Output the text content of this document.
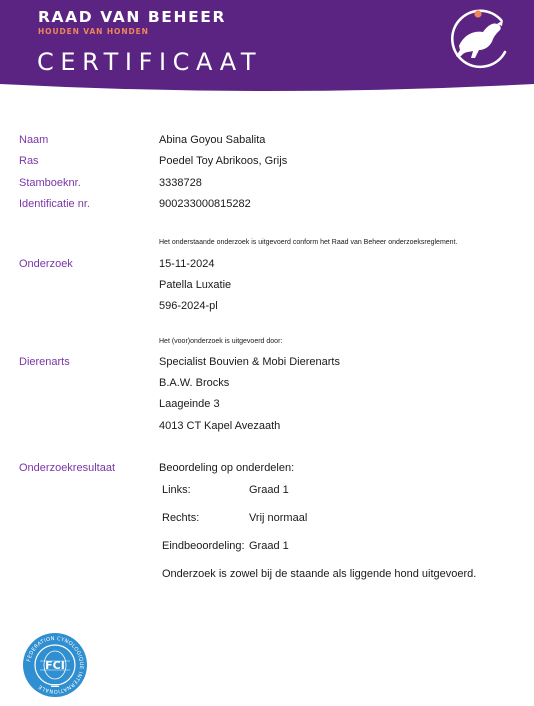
RAAD VAN BEHEER
HOUDEN VAN HONDEN
CERTIFICAAT
Naam	Abina Goyou Sabalita
Ras	Poedel Toy Abrikoos, Grijs
Stamboeknr.	3338728
Identificatie nr.	900233000815282
Het onderstaande onderzoek is uitgevoerd conform het Raad van Beheer onderzoeksreglement.
Onderzoek	15-11-2024
Patella Luxatie
596-2024-pl
Het (voor)onderzoek is uitgevoerd door:
Dierenarts	Specialist Bouvien & Mobi Dierenarts
B.A.W. Brocks
Laageinde 3
4013 CT Kapel Avezaath
Onderzoekresultaat	Beoordeling op onderdelen:
Links:	Graad 1
Rechts:	Vrij normaal
Eindbeoordeling: Graad 1
Onderzoek is zowel bij de staande als liggende hond uitgevoerd.
FEDERATION CYNOLOGIQUE INTERNATIONALE
FCI
